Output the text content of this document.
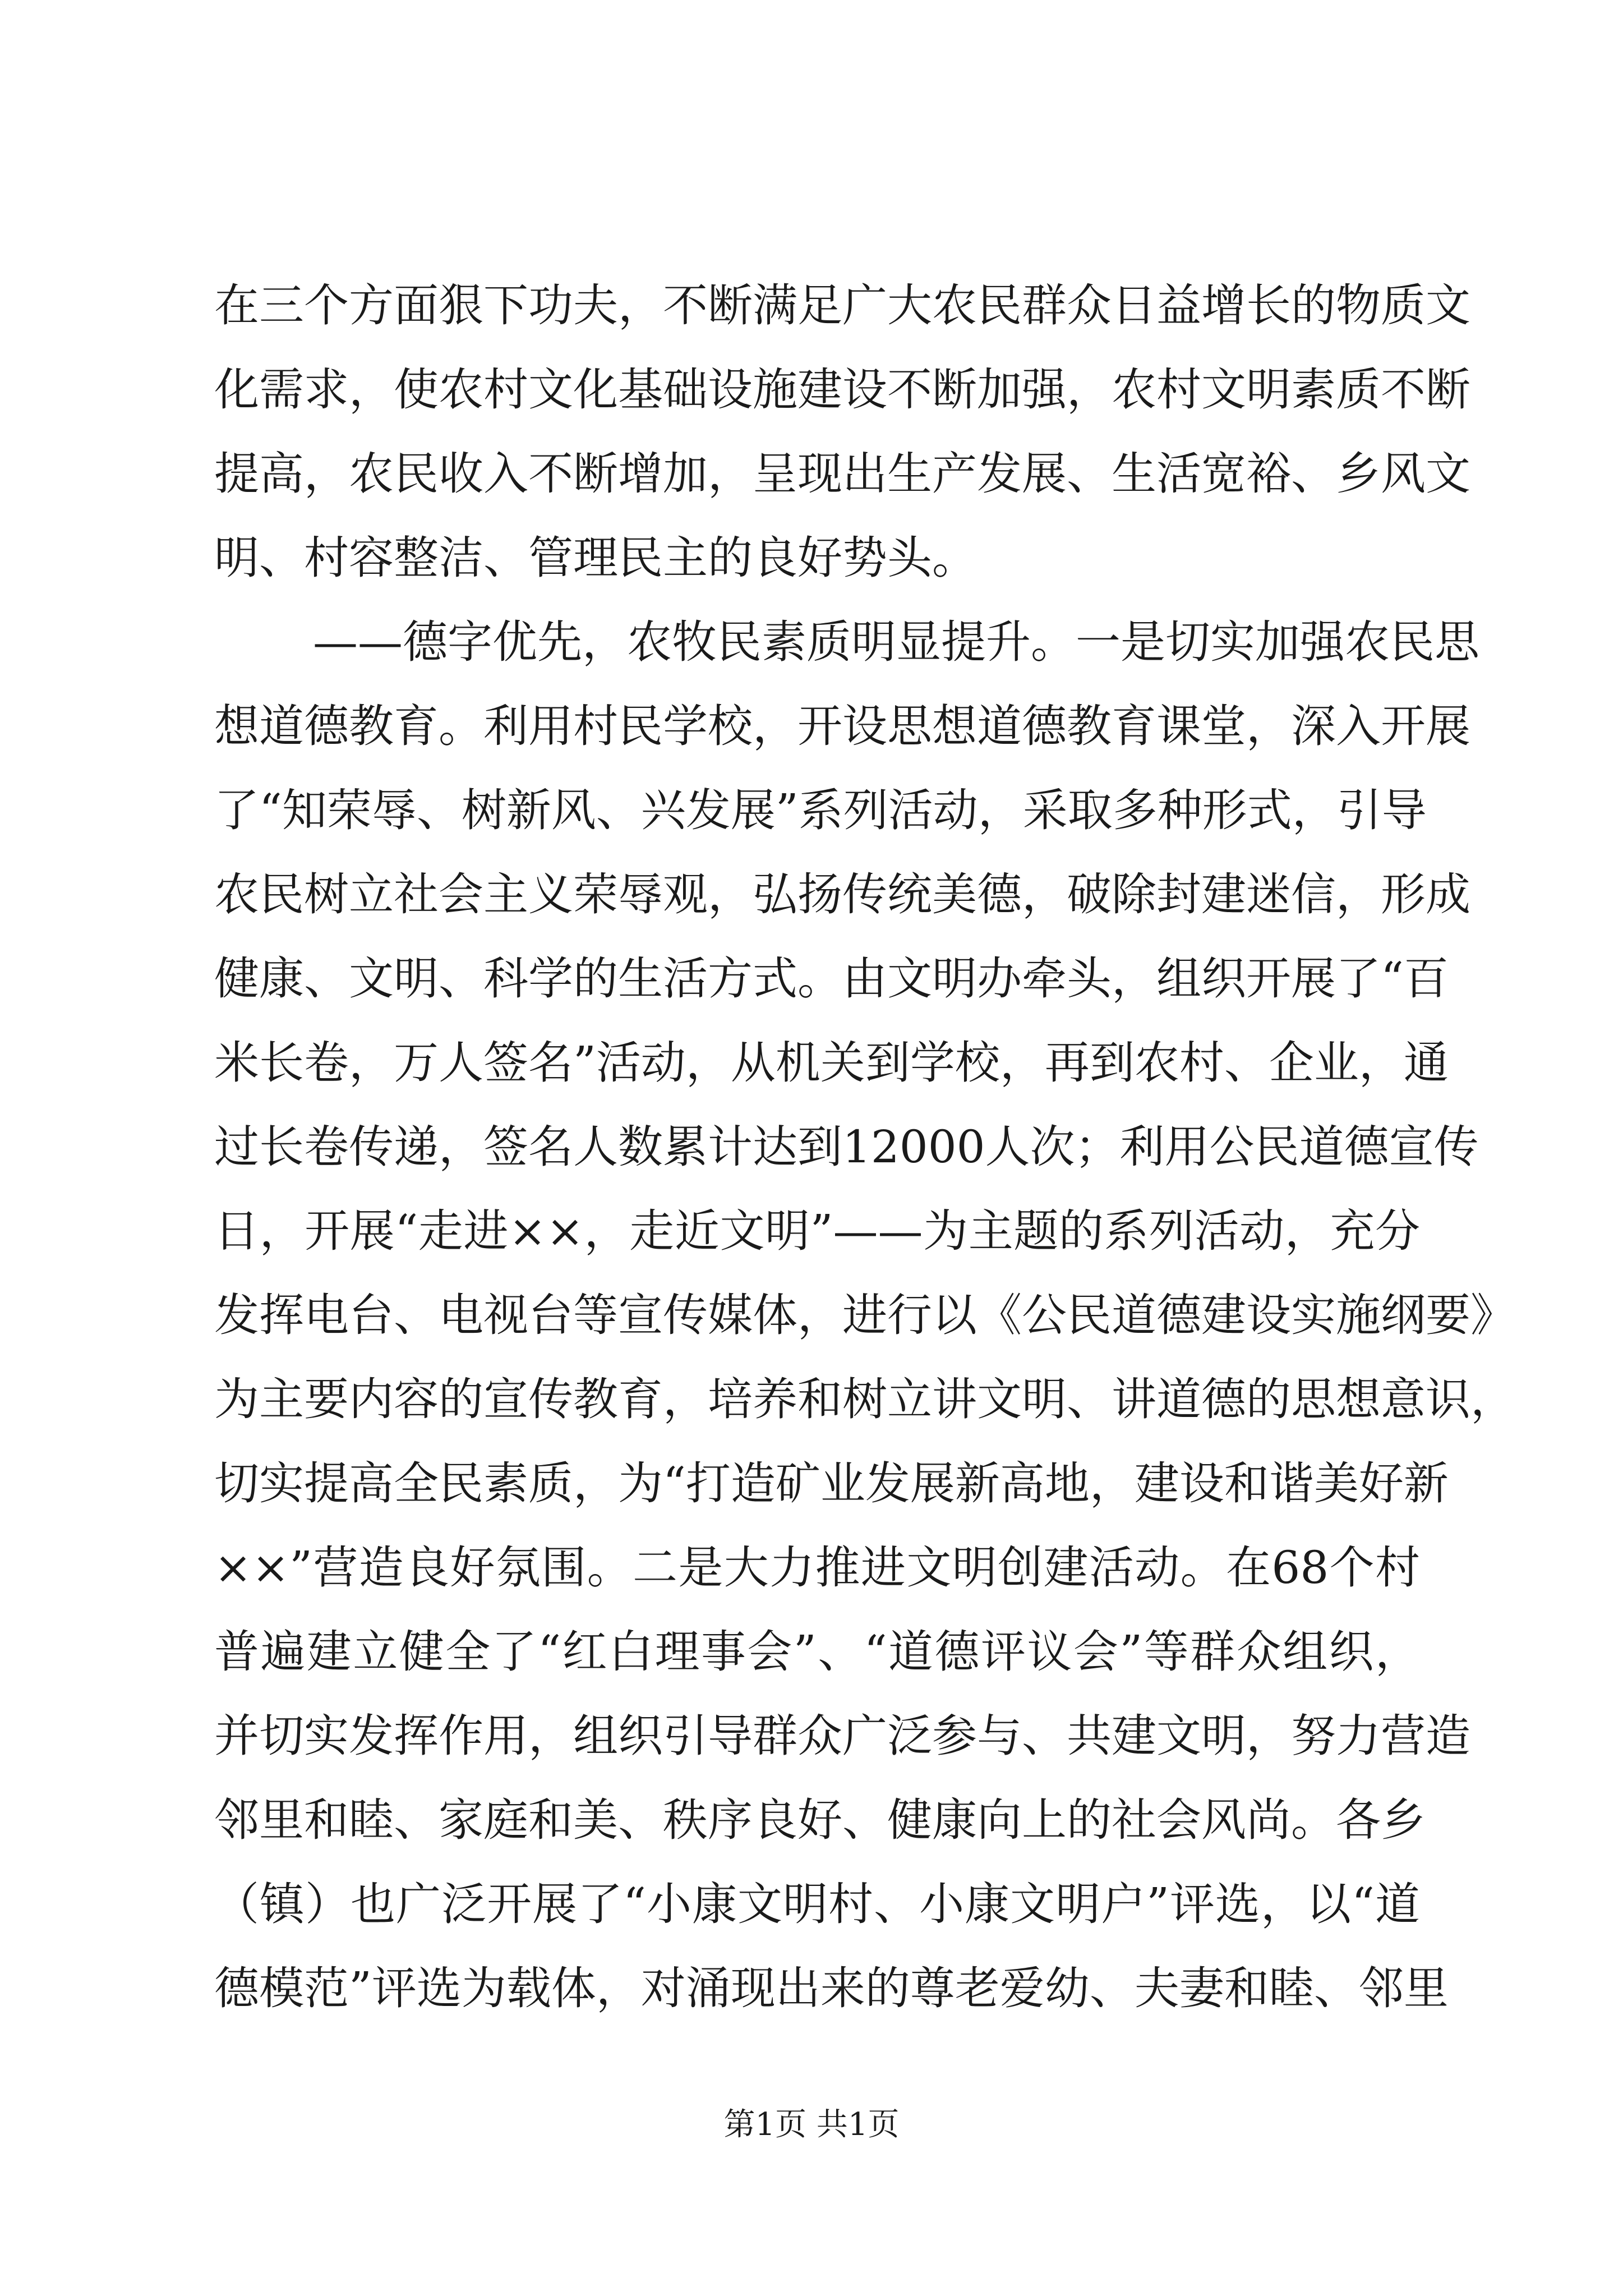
在三个方面狠下功夫，不断满足广大农民群众日益增长的物质文
化需求，使农村文化基础设施建设不断加强，农村文明素质不断
提高，农民收入不断增加，呈现出生产发展、生活宽裕、乡风文
明、村容整洁、管理民主的良好势头。
——德字优先，农牧民素质明显提升。一是切实加强农民思
想道德教育。利用村民学校，开设思想道德教育课堂，深入开展
了“知荣辱、树新风、兴发展”系列活动，采取多种形式，引导
农民树立社会主义荣辱观，弘扬传统美德，破除封建迷信，形成
健康、文明、科学的生活方式。由文明办牵头，组织开展了“百
米长卷，万人签名”活动，从机关到学校，再到农村、企业，通
过长卷传递，签名人数累计达到12000人次；利用公民道德宣传
日，开展“走进××，走近文明”——为主题的系列活动，充分
发挥电台、电视台等宣传媒体，进行以《公民道德建设实施纲要》
为主要内容的宣传教育，培养和树立讲文明、讲道德的思想意识，
切实提高全民素质，为“打造矿业发展新高地，建设和谐美好新
××”营造良好氛围。二是大力推进文明创建活动。在68个村
普遍建立健全了“红白理事会”、“道德评议会”等群众组织，
并切实发挥作用，组织引导群众广泛参与、共建文明，努力营造
邻里和睦、家庭和美、秩序良好、健康向上的社会风尚。各乡
（镇）也广泛开展了“小康文明村、小康文明户”评选，以“道
德模范”评选为载体，对涌现出来的尊老爱幼、夫妻和睦、邻里
第1页 共1页
